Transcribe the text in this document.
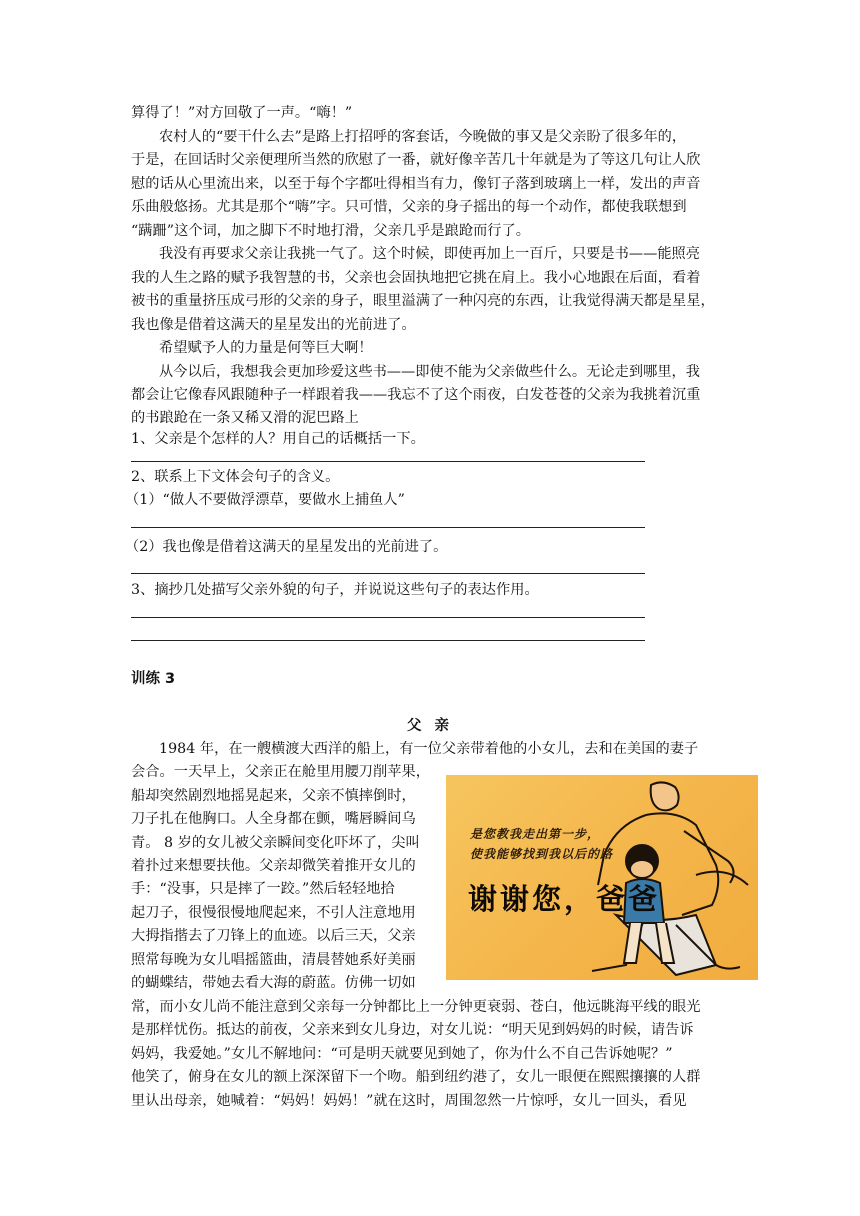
算得了！”对方回敬了一声。“嗨！”
农村人的“要干什么去”是路上打招呼的客套话，今晚做的事又是父亲盼了很多年的，
于是，在回话时父亲便理所当然的欣慰了一番，就好像辛苦几十年就是为了等这几句让人欣
慰的话从心里流出来，以至于每个字都吐得相当有力，像钉子落到玻璃上一样，发出的声音
乐曲般悠扬。尤其是那个“嗨”字。只可惜，父亲的身子摇出的每一个动作，都使我联想到
“蹒跚”这个词，加之脚下不时地打滑，父亲几乎是踉跄而行了。
我没有再要求父亲让我挑一气了。这个时候，即使再加上一百斤，只要是书——能照亮
我的人生之路的赋予我智慧的书，父亲也会固执地把它挑在肩上。我小心地跟在后面，看着
被书的重量挤压成弓形的父亲的身子，眼里溢满了一种闪亮的东西，让我觉得满天都是星星，
我也像是借着这满天的星星发出的光前进了。
希望赋予人的力量是何等巨大啊！
从今以后，我想我会更加珍爱这些书——即使不能为父亲做些什么。无论走到哪里，我
都会让它像春风跟随种子一样跟着我——我忘不了这个雨夜，白发苍苍的父亲为我挑着沉重
的书踉跄在一条又稀又滑的泥巴路上
1、父亲是个怎样的人？用自己的话概括一下。
2、联系上下文体会句子的含义。
（1）“做人不要做浮漂草，要做水上捕鱼人”
（2）我也像是借着这满天的星星发出的光前进了。
3、摘抄几处描写父亲外貌的句子，并说说这些句子的表达作用。
训练 3
父 亲
1984 年，在一艘横渡大西洋的船上，有一位父亲带着他的小女儿，去和在美国的妻子
会合。一天早上，父亲正在舱里用腰刀削苹果，
船却突然剧烈地摇晃起来，父亲不慎摔倒时，
刀子扎在他胸口。人全身都在颤，嘴唇瞬间乌
青。 8 岁的女儿被父亲瞬间变化吓坏了，尖叫
着扑过来想要扶他。父亲却微笑着推开女儿的
手：“没事，只是摔了一跤。”然后轻轻地拾
起刀子，很慢很慢地爬起来，不引人注意地用
大拇指揩去了刀锋上的血迹。以后三天，父亲
照常每晚为女儿唱摇篮曲，清晨替她系好美丽
的蝴蝶结，带她去看大海的蔚蓝。仿佛一切如
常，而小女儿尚不能注意到父亲每一分钟都比上一分钟更衰弱、苍白，他远眺海平线的眼光
是那样忧伤。抵达的前夜，父亲来到女儿身边，对女儿说：“明天见到妈妈的时候，请告诉
妈妈，我爱她。”女儿不解地问：“可是明天就要见到她了，你为什么不自己告诉她呢？”
他笑了，俯身在女儿的额上深深留下一个吻。船到纽约港了，女儿一眼便在熙熙攘攘的人群
里认出母亲，她喊着：“妈妈！妈妈！”就在这时，周围忽然一片惊呼，女儿一回头，看见
是您教我走出第一步，
使我能够找到我以后的路
谢谢您，爸爸
